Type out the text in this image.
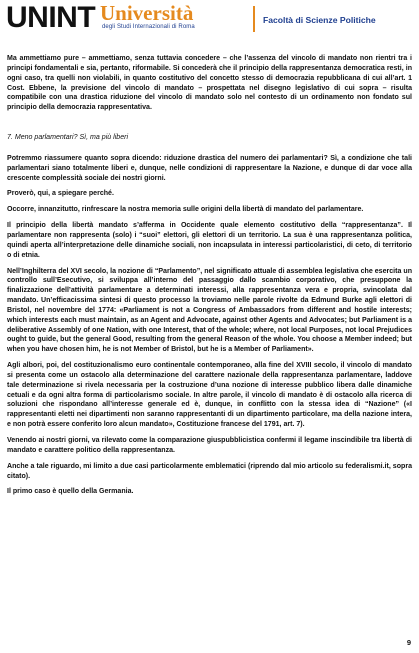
UNINT Università
degli Studi Internazionali di Roma
Facoltà di Scienze Politiche

Ma ammettiamo pure – ammettiamo, senza tuttavia concedere – che l’assenza del vincolo di mandato non rientri tra i principi fondamentali e sia, pertanto, riformabile. Si concederà che il principio della rappresentanza democratica resti, in ogni caso, tra quelli non violabili, in quanto costitutivo del concetto stesso di democrazia repubblicana di cui all’art. 1 Cost. Ebbene, la previsione del vincolo di mandato – prospettata nel disegno legislativo di cui sopra – risulta compatibile con una drastica riduzione del vincolo di mandato solo nel contesto di un ordinamento non fondato sul principio della democrazia rappresentativa.

7. Meno parlamentari? Sì, ma più liberi

Potremmo riassumere quanto sopra dicendo: riduzione drastica del numero dei parlamentari? Sì, a condizione che tali parlamentari siano totalmente liberi e, dunque, nelle condizioni di rappresentare la Nazione, e dunque di dar voce alla crescente complessità sociale dei nostri giorni.

Proverò, qui, a spiegare perché.

Occorre, innanzitutto, rinfrescare la nostra memoria sulle origini della libertà di mandato del parlamentare.

Il principio della libertà mandato s’afferma in Occidente quale elemento costitutivo della “rappresentanza”. Il parlamentare non rappresenta (solo) i “suoi” elettori, gli elettori di un territorio. La sua è una rappresentanza politica, quindi aperta all’interpretazione delle dinamiche sociali, non incapsulata in interessi particolaristici, di ceto, di territorio o di etnia.

Nell’Inghilterra del XVI secolo, la nozione di “Parlamento”, nel significato attuale di assemblea legislativa che esercita un controllo sull’Esecutivo, si sviluppa all’interno del passaggio dallo scambio corporativo, che presuppone la finalizzazione dell’attività parlamentare a determinati interessi, alla rappresentanza vera e propria, svincolata dal mandato. Un’efficacissima sintesi di questo processo la troviamo nelle parole rivolte da Edmund Burke agli elettori di Bristol, nel novembre del 1774: «Parliament is not a Congress of Ambassadors from different and hostile interests; which interests each must maintain, as an Agent and Advocate, against other Agents and Advocates; but Parliament is a deliberative Assembly of one Nation, with one Interest, that of the whole; where, not local Purposes, not local Prejudices ought to guide, but the general Good, resulting from the general Reason of the whole. You choose a Member indeed; but when you have chosen him, he is not Member of Bristol, but he is a Member of Parliament».

Agli albori, poi, del costituzionalismo euro continentale contemporaneo, alla fine del XVIII secolo, il vincolo di mandato si presenta come un ostacolo alla determinazione del carattere nazionale della rappresentanza parlamentare, laddove tale determinazione si rivela necessaria per la costruzione d’una nozione di interesse pubblico libera dalle dinamiche cetuali e da ogni altra forma di particolarismo sociale. In altre parole, il vincolo di mandato è di ostacolo alla ricerca di soluzioni che rispondano all’interesse generale ed è, dunque, in conflitto con la stessa idea di “Nazione” («I rappresentanti eletti nei dipartimenti non saranno rappresentanti di un dipartimento particolare, ma della nazione intera, e non potrà essere conferito loro alcun mandato», Costituzione francese del 1791, art. 7).

Venendo ai nostri giorni, va rilevato come la comparazione giuspubblicistica confermi il legame inscindibile tra libertà di mandato e carattere politico della rappresentanza.

Anche a tale riguardo, mi limito a due casi particolarmente emblematici (riprendo dal mio articolo su federalismi.it, sopra citato).

Il primo caso è quello della Germania.

9
